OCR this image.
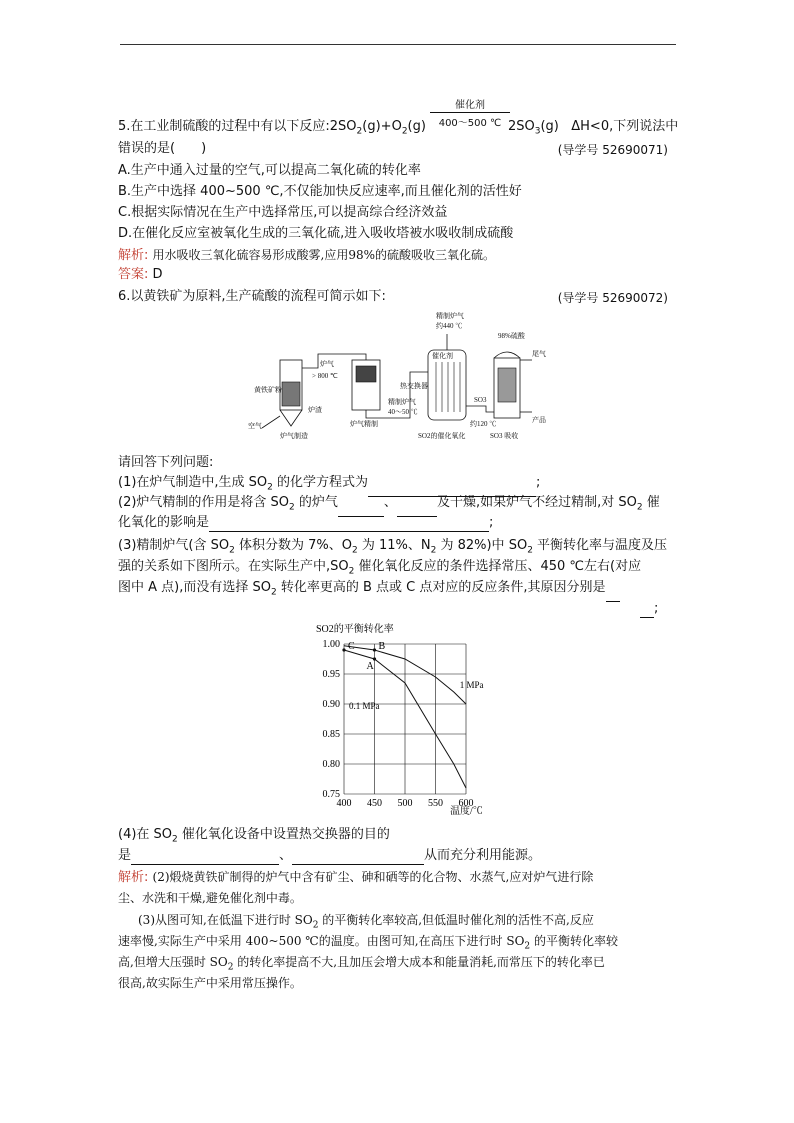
催化剂
400～500 ℃
5.在工业制硫酸的过程中有以下反应$:2SO_2(g)+O_2(g)$	$2SO_3(g)$ ΔH<0,下列说法中
错误的是(　　)	(导学号 52690071)
A.生产中通入过量的空气,可以提高二氧化硫的转化率
B.生产中选择 400~500 ℃,不仅能加快反应速率,而且催化剂的活性好
C.根据实际情况在生产中选择常压,可以提高综合经济效益
D.在催化反应室被氧化生成的三氧化硫,进入吸收塔被水吸收制成硫酸
解析: 用水吸收三氧化硫容易形成酸雾,应用98%的硫酸吸收三氧化硫。
答案: D
6.以黄铁矿为原料,生产硫酸的流程可简示如下:	(导学号 52690072)
黄铁矿粉
空气
炉气
> 800 ℃
炉渣
炉气制造
炉气精制
精制炉气
约440 ℃
催化剂
热交换器
精制炉气
40～50 ℃
SO3
约120 ℃
SO2的催化氧化
98%硫酸
尾气
产品
SO3 吸收
请回答下列问题:
(1)在炉气制造中,生成 $SO_2$ 的化学方程式为	;
(2)炉气精制的作用是将含 $SO_2$ 的炉气	、	及干燥,如果炉气不经过精制,对 $SO_2$ 催
化氧化的影响是	;
(3)精制炉气(含 $SO_2$ 体积分数为 7%、$O_2$ 为 11%、$N_2$ 为 82%)中 $SO_2$ 平衡转化率与温度及压
强的关系如下图所示。在实际生产中$,SO_2$ 催化氧化反应的条件选择常压、450 ℃左右(对应
图中 A 点),而没有选择 $SO_2$ 转化率更高的 B 点或 C 点对应的反应条件,其原因分别是
;
SO2的平衡转化率
400 450 500 550 600
0.75
0.80
0.85
0.90
0.95
1.00
1 MPa
0.1 MPa
A
B
C
温度/℃
(4)在 $SO_2$ 催化氧化设备中设置热交换器的目的
是	、	从而充分利用能源。
解析: (2)煅烧黄铁矿制得的炉气中含有矿尘、砷和硒等的化合物、水蒸气,应对炉气进行除
尘、水洗和干燥,避免催化剂中毒。
(3)从图可知,在低温下进行时 $SO_2$ 的平衡转化率较高,但低温时催化剂的活性不高,反应
速率慢,实际生产中采用 400~500 ℃的温度。由图可知,在高压下进行时 $SO_2$ 的平衡转化率较
高,但增大压强时 $SO_2$ 的转化率提高不大,且加压会增大成本和能量消耗,而常压下的转化率已
很高,故实际生产中采用常压操作。
